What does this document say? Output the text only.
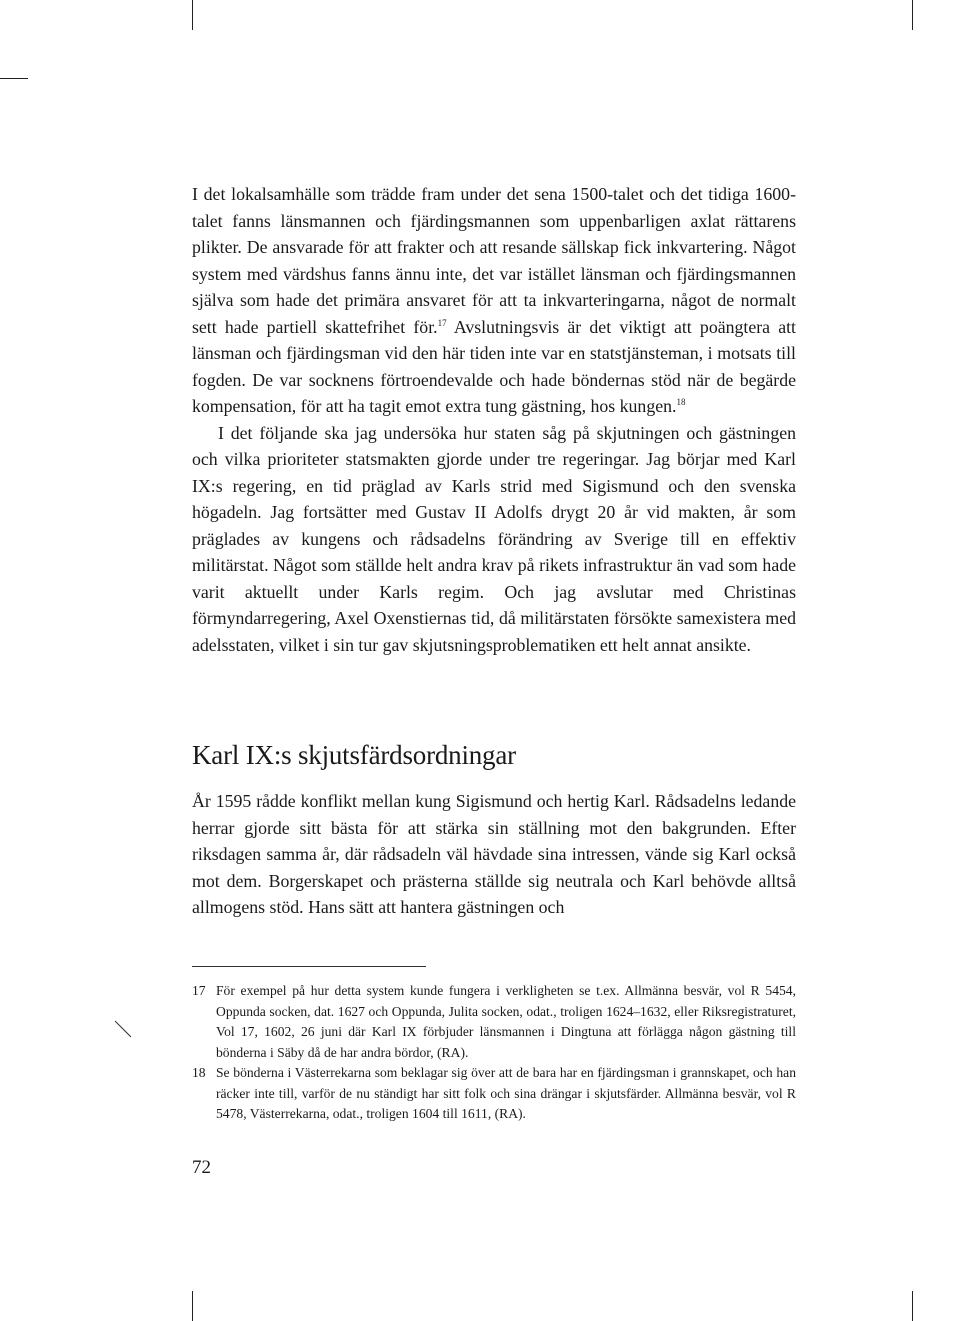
I det lokalsamhälle som trädde fram under det sena 1500-talet och det tidiga 1600-talet fanns länsmannen och fjärdingsmannen som uppenbarligen axlat rättarens plikter. De ansvarade för att frakter och att resande sällskap fick inkvartering. Något system med värdshus fanns ännu inte, det var istället länsman och fjärdingsmannen själva som hade det primära ansvaret för att ta inkvarteringarna, något de normalt sett hade partiell skattefrihet för.$^{17}$ Avslutningsvis är det viktigt att poängtera att länsman och fjärdingsman vid den här tiden inte var en statstjänsteman, i motsats till fogden. De var socknens förtroendevalde och hade böndernas stöd när de begärde kompensation, för att ha tagit emot extra tung gästning, hos kungen.$^{18}$

I det följande ska jag undersöka hur staten såg på skjutningen och gästningen och vilka prioriteter statsmakten gjorde under tre regeringar. Jag börjar med Karl IX:s regering, en tid präglad av Karls strid med Sigismund och den svenska högadeln. Jag fortsätter med Gustav II Adolfs drygt 20 år vid makten, år som präglades av kungens och rådsadelns förändring av Sverige till en effektiv militärstat. Något som ställde helt andra krav på rikets infrastruktur än vad som hade varit aktuellt under Karls regim. Och jag avslutar med Christinas förmyndarregering, Axel Oxenstiernas tid, då militärstaten försökte samexistera med adelsstaten, vilket i sin tur gav skjutsningsproblematiken ett helt annat ansikte.

Karl IX:s skjutsfärdsordningar

År 1595 rådde konflikt mellan kung Sigismund och hertig Karl. Rådsadelns ledande herrar gjorde sitt bästa för att stärka sin ställning mot den bakgrunden. Efter riksdagen samma år, där rådsadeln väl hävdade sina intressen, vände sig Karl också mot dem. Borgerskapet och prästerna ställde sig neutrala och Karl behövde alltså allmogens stöd. Hans sätt att hantera gästningen och

17 För exempel på hur detta system kunde fungera i verkligheten se t.ex. Allmänna besvär, vol R 5454, Oppunda socken, dat. 1627 och Oppunda, Julita socken, odat., troligen 1624–1632, eller Riksregistraturet, Vol 17, 1602, 26 juni där Karl IX förbjuder länsmannen i Dingtuna att förlägga någon gästning till bönderna i Säby då de har andra bördor, (RA).
18 Se bönderna i Västerrekarna som beklagar sig över att de bara har en fjärdingsman i grannskapet, och han räcker inte till, varför de nu ständigt har sitt folk och sina drängar i skjutsfärder. Allmänna besvär, vol R 5478, Västerrekarna, odat., troligen 1604 till 1611, (RA).
72
